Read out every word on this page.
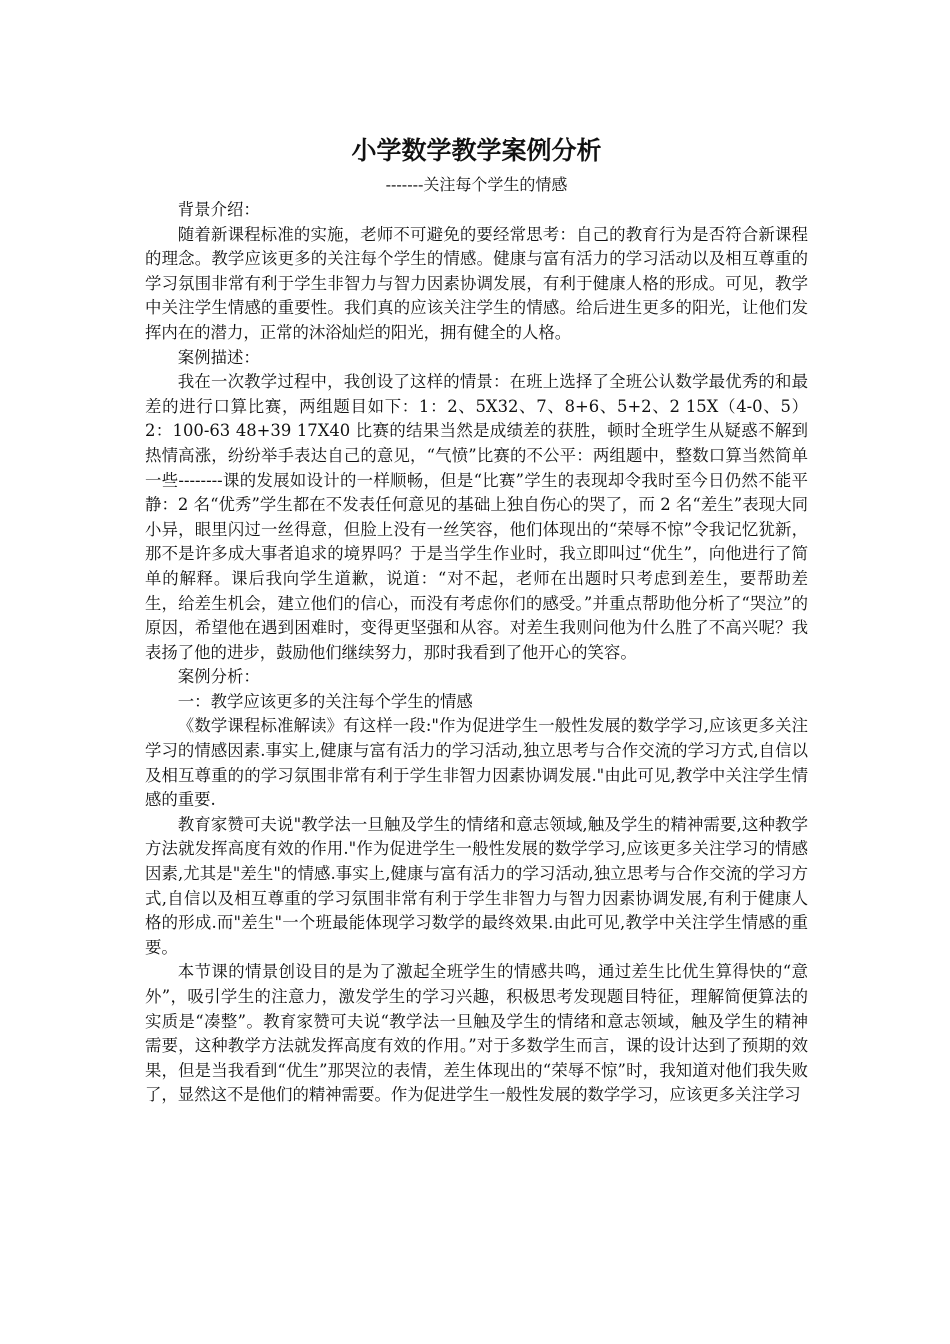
小学数学教学案例分析
-------关注每个学生的情感

背景介绍：

随着新课程标准的实施，老师不可避免的要经常思考：自己的教育行为是否符合新课程的理念。教学应该更多的关注每个学生的情感。健康与富有活力的学习活动以及相互尊重的学习氛围非常有利于学生非智力与智力因素协调发展，有利于健康人格的形成。可见，教学中关注学生情感的重要性。我们真的应该关注学生的情感。给后进生更多的阳光，让他们发挥内在的潜力，正常的沐浴灿烂的阳光，拥有健全的人格。

案例描述：

我在一次教学过程中，我创设了这样的情景：在班上选择了全班公认数学最优秀的和最差的进行口算比赛，两组题目如下：1：2、5X32、7、8+6、5+2、2 15X（4-0、5）2：100-63 48+39 17X40 比赛的结果当然是成绩差的获胜，顿时全班学生从疑惑不解到热情高涨，纷纷举手表达自己的意见，“气愤”比赛的不公平：两组题中，整数口算当然简单一些--------课的发展如设计的一样顺畅，但是“比赛”学生的表现却令我时至今日仍然不能平静：2 名“优秀”学生都在不发表任何意见的基础上独自伤心的哭了，而 2 名“差生”表现大同小异，眼里闪过一丝得意，但脸上没有一丝笑容，他们体现出的“荣辱不惊”令我记忆犹新，那不是许多成大事者追求的境界吗？于是当学生作业时，我立即叫过“优生”，向他进行了简单的解释。课后我向学生道歉，说道：“对不起，老师在出题时只考虑到差生，要帮助差生，给差生机会，建立他们的信心，而没有考虑你们的感受。”并重点帮助他分析了“哭泣”的原因，希望他在遇到困难时，变得更坚强和从容。对差生我则问他为什么胜了不高兴呢？我表扬了他的进步，鼓励他们继续努力，那时我看到了他开心的笑容。

案例分析：

一：教学应该更多的关注每个学生的情感

《数学课程标准解读》有这样一段:"作为促进学生一般性发展的数学学习,应该更多关注学习的情感因素.事实上,健康与富有活力的学习活动,独立思考与合作交流的学习方式,自信以及相互尊重的的学习氛围非常有利于学生非智力因素协调发展."由此可见,教学中关注学生情感的重要.

教育家赞可夫说"教学法一旦触及学生的情绪和意志领域,触及学生的精神需要,这种教学方法就发挥高度有效的作用."作为促进学生一般性发展的数学学习,应该更多关注学习的情感因素,尤其是"差生"的情感.事实上,健康与富有活力的学习活动,独立思考与合作交流的学习方式,自信以及相互尊重的学习氛围非常有利于学生非智力与智力因素协调发展,有利于健康人格的形成.而"差生"一个班最能体现学习数学的最终效果.由此可见,教学中关注学生情感的重要。

本节课的情景创设目的是为了激起全班学生的情感共鸣，通过差生比优生算得快的“意外”，吸引学生的注意力，激发学生的学习兴趣，积极思考发现题目特征，理解简便算法的实质是“凑整”。教育家赞可夫说“教学法一旦触及学生的情绪和意志领域，触及学生的精神需要，这种教学方法就发挥高度有效的作用。”对于多数学生而言，课的设计达到了预期的效果，但是当我看到“优生”那哭泣的表情，差生体现出的“荣辱不惊”时，我知道对他们我失败了，显然这不是他们的精神需要。作为促进学生一般性发展的数学学习，应该更多关注学习
